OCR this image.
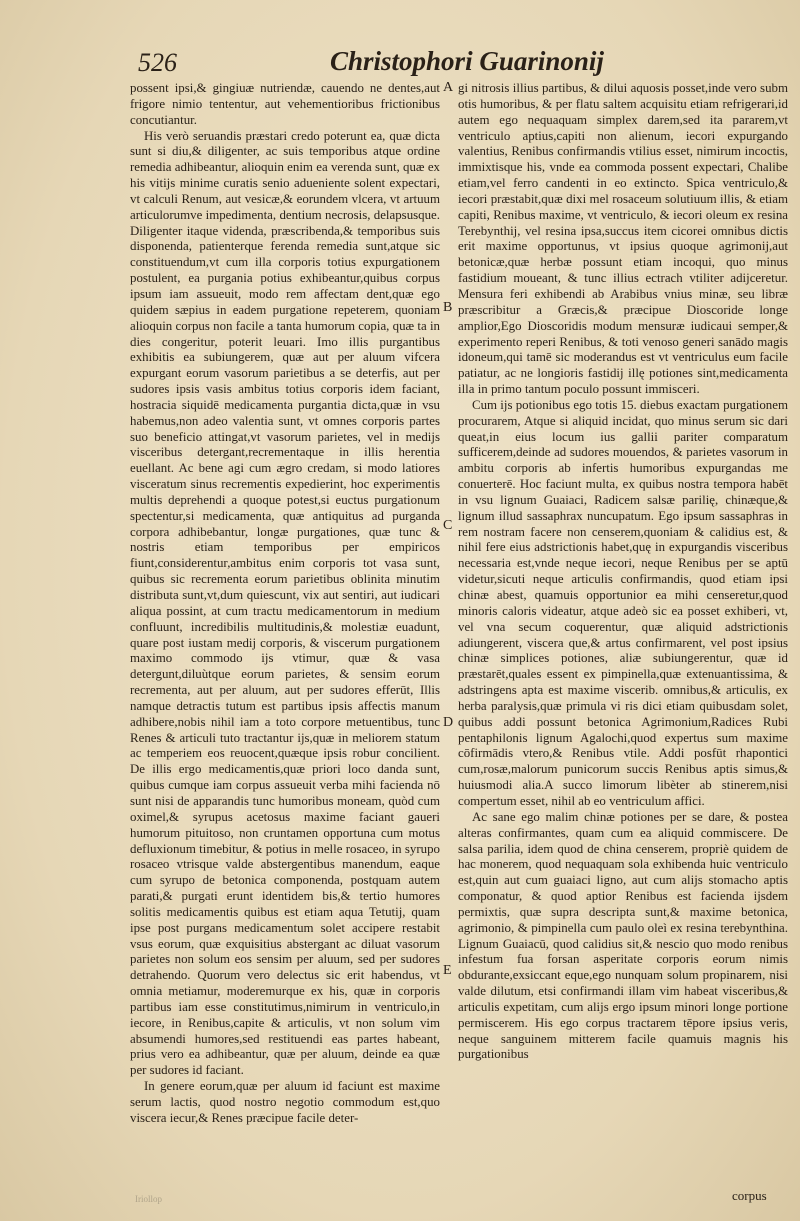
526	Christophori Guarinonij

possent ipsi,& gingiuæ nutriendæ, cauendo ne dentes,aut frigore nimio tententur, aut vehementioribus frictionibus concutiantur.

His verò seruandis præstari credo poterunt ea, quæ dicta sunt si diu,& diligenter, ac suis temporibus atque ordine remedia adhibeantur, alioquin enim ea verenda sunt, quæ ex his vitijs minime curatis senio adueniente solent expectari, vt calculi Renum, aut vesicæ,& eorundem vlcera, vt artuum articulorumve impedimenta, dentium necrosis, delapsusque. Diligenter itaque videnda, præscribenda,& temporibus suis disponenda, patienterque ferenda remedia sunt,atque sic constituendum,vt cum illa corporis totius expurgationem postulent, ea purgania potius exhibeantur,quibus corpus ipsum iam assueuit, modo rem affectam dent,quæ ego quidem sæpius in eadem purgatione repeterem, quoniam alioquin corpus non facile a tanta humorum copia, quæ ta in dies congeritur, poterit leuari. Imo illis purgantibus exhibitis ea subiungerem, quæ aut per aluum vifcera expurgant eorum vasorum parietibus a se deterfis, aut per sudores ipsis vasis ambitus totius corporis idem faciant, hostracia siquidē medicamenta purgantia dicta,quæ in vsu habemus,non adeo valentia sunt, vt omnes corporis partes suo beneficio attingat,vt vasorum parietes, vel in medijs visceribus detergant,recrementaque in illis herentia euellant. Ac bene agi cum ægro credam, si modo latiores visceratum sinus recrementis expedierint, hoc experimentis multis deprehendi a quoque potest,si euctus purgationum spectentur,si medicamenta, quæ antiquitus ad purganda corpora adhibebantur, longæ purgationes, quæ tunc & nostris etiam temporibus per empiricos fiunt,considerentur,ambitus enim corporis tot vasa sunt, quibus sic recrementa eorum parietibus oblinita minutim distributa sunt,vt,dum quiescunt, vix aut sentiri, aut iudicari aliqua possint, at cum tractu medicamentorum in medium confluunt, incredibilis multitudinis,& molestiæ euadunt, quare post iustam medij corporis, & viscerum purgationem maximo commodo ijs vtimur, quæ & vasa detergunt,diluùtque eorum parietes, & sensim eorum recrementa, aut per aluum, aut per sudores efferūt, Illis namque detractis tutum est partibus ipsis affectis manum adhibere,nobis nihil iam a toto corpore metuentibus, tunc Renes & articuli tuto tractantur ijs,quæ in meliorem statum ac temperiem eos reuocent,quæque ipsis robur concilient. De illis ergo medicamentis,quæ priori loco danda sunt, quibus cumque iam corpus assueuit verba mihi facienda nō sunt nisi de apparandis tunc humoribus moneam, quòd cum oximel,& syrupus acetosus maxime faciant gaueri humorum pituitoso, non cruntamen opportuna cum motus defluxionum timebitur, & potius in melle rosaceo, in syrupo rosaceo vtrisque valde abstergentibus manendum, eaque cum syrupo de betonica componenda, postquam autem parati,& purgati erunt identidem bis,& tertio humores solitis medicamentis quibus est etiam aqua Tetutij, quam ipse post purgans medicamentum solet accipere restabit vsus eorum, quæ exquisitius abstergant ac diluat vasorum parietes non solum eos sensim per aluum, sed per sudores detrahendo. Quorum vero delectus sic erit habendus, vt omnia metiamur, moderemurque ex his, quæ in corporis partibus iam esse constitutimus,nimirum in ventriculo,in iecore, in Renibus,capite & articulis, vt non solum vim absumendi humores,sed restituendi eas partes habeant, prius vero ea adhibeantur, quæ per aluum, deinde ea quæ per sudores id faciant.

In genere eorum,quæ per aluum id faciunt est maxime serum lactis, quod nostro negotio commodum est,quo viscera iecur,& Renes præcipue facile deter-

A
B
C
D
E

gi nitrosis illius partibus, & dilui aquosis posset,inde vero subm otis humoribus, & per flatu saltem acquisitu etiam refrigerari,id autem ego nequaquam simplex darem,sed ita pararem,vt ventriculo aptius,capiti non alienum, iecori expurgando valentius, Renibus confirmandis vtilius esset, nimirum incoctis, immixtisque his, vnde ea commoda possent expectari, Chalibe etiam,vel ferro candenti in eo extincto. Spica ventriculo,& iecori præstabit,quæ dixi mel rosaceum solutiuum illis, & etiam capiti, Renibus maxime, vt ventriculo, & iecori oleum ex resina Terebynthij, vel resina ipsa,succus item cicorei omnibus dictis erit maxime opportunus, vt ipsius quoque agrimonij,aut betonicæ,quæ herbæ possunt etiam incoqui, quo minus fastidium moueant, & tunc illius ectrach vtiliter adijceretur. Mensura feri exhibendi ab Arabibus vnius minæ, seu libræ præscribitur a Græcis,& præcipue Dioscoride longe amplior,Ego Dioscoridis modum mensuræ iudicaui semper,& experimento reperi Renibus, & toti venoso generi sanādo magis idoneum,qui tamē sic moderandus est vt ventriculus eum facile patiatur, ac ne longioris fastidij illę potiones sint,medicamenta illa in primo tantum poculo possunt immisceri.

Cum ijs potionibus ego totis 15. diebus exactam purgationem procurarem, Atque si aliquid incidat, quo minus serum sic dari queat,in eius locum ius gallii pariter comparatum sufficerem,deinde ad sudores mouendos, & parietes vasorum in ambitu corporis ab infertis humoribus expurgandas me conuerterē. Hoc faciunt multa, ex quibus nostra tempora habēt in vsu lignum Guaiaci, Radicem salsæ parilię, chinæque,& lignum illud sassaphrax nuncupatum. Ego ipsum sassaphras in rem nostram facere non censerem,quoniam & calidius est, & nihil fere eius adstrictionis habet,quę in expurgandis visceribus necessaria est,vnde neque iecori, neque Renibus per se aptū videtur,sicuti neque articulis confirmandis, quod etiam ipsi chinæ abest, quamuis opportunior ea mihi censeretur,quod minoris caloris videatur, atque adeò sic ea posset exhiberi, vt, vel vna secum coquerentur, quæ aliquid adstrictionis adiungerent, viscera que,& artus confirmarent, vel post ipsius chinæ simplices potiones, aliæ subiungerentur, quæ id præstarēt,quales essent ex pimpinella,quæ extenuantissima, & adstringens apta est maxime viscerib. omnibus,& articulis, ex herba paralysis,quæ primula vi ris dici etiam quibusdam solet, quibus addi possunt betonica Agrimonium,Radices Rubi pentaphilonis lignum Agalochi,quod expertus sum maxime cōfirmādis vtero,& Renibus vtile. Addi posfūt rhapontici cum,rosæ,malorum punicorum succis Renibus aptis simus,& huiusmodi alia.A succo limorum libèter ab stinerem,nisi compertum esset, nihil ab eo ventriculum affici.

Ac sane ego malim chinæ potiones per se dare, & postea alteras confirmantes, quam cum ea aliquid commiscere. De salsa parilia, idem quod de china censerem, propriè quidem de hac monerem, quod nequaquam sola exhibenda huic ventriculo est,quin aut cum guaiaci ligno, aut cum alijs stomacho aptis componatur, & quod aptior Renibus est facienda ijsdem permixtis, quæ supra descripta sunt,& maxime betonica, agrimonio, & pimpinella cum paulo oleì ex resina terebynthina. Lignum Guaiacū, quod calidius sit,& nescio quo modo renibus infestum fua forsan asperitate corporis eorum nimis obdurante,exsiccant eque,ego nunquam solum propinarem, nisi valde dilutum, etsi confirmandi illam vim habeat visceribus,& articulis expetitam, cum alijs ergo ipsum minori longe portione permiscerem. His ego corpus tractarem tēpore ipsius veris, neque sanguinem mitterem facile quamuis magnis his purgationibus

corpus
Iriollop
